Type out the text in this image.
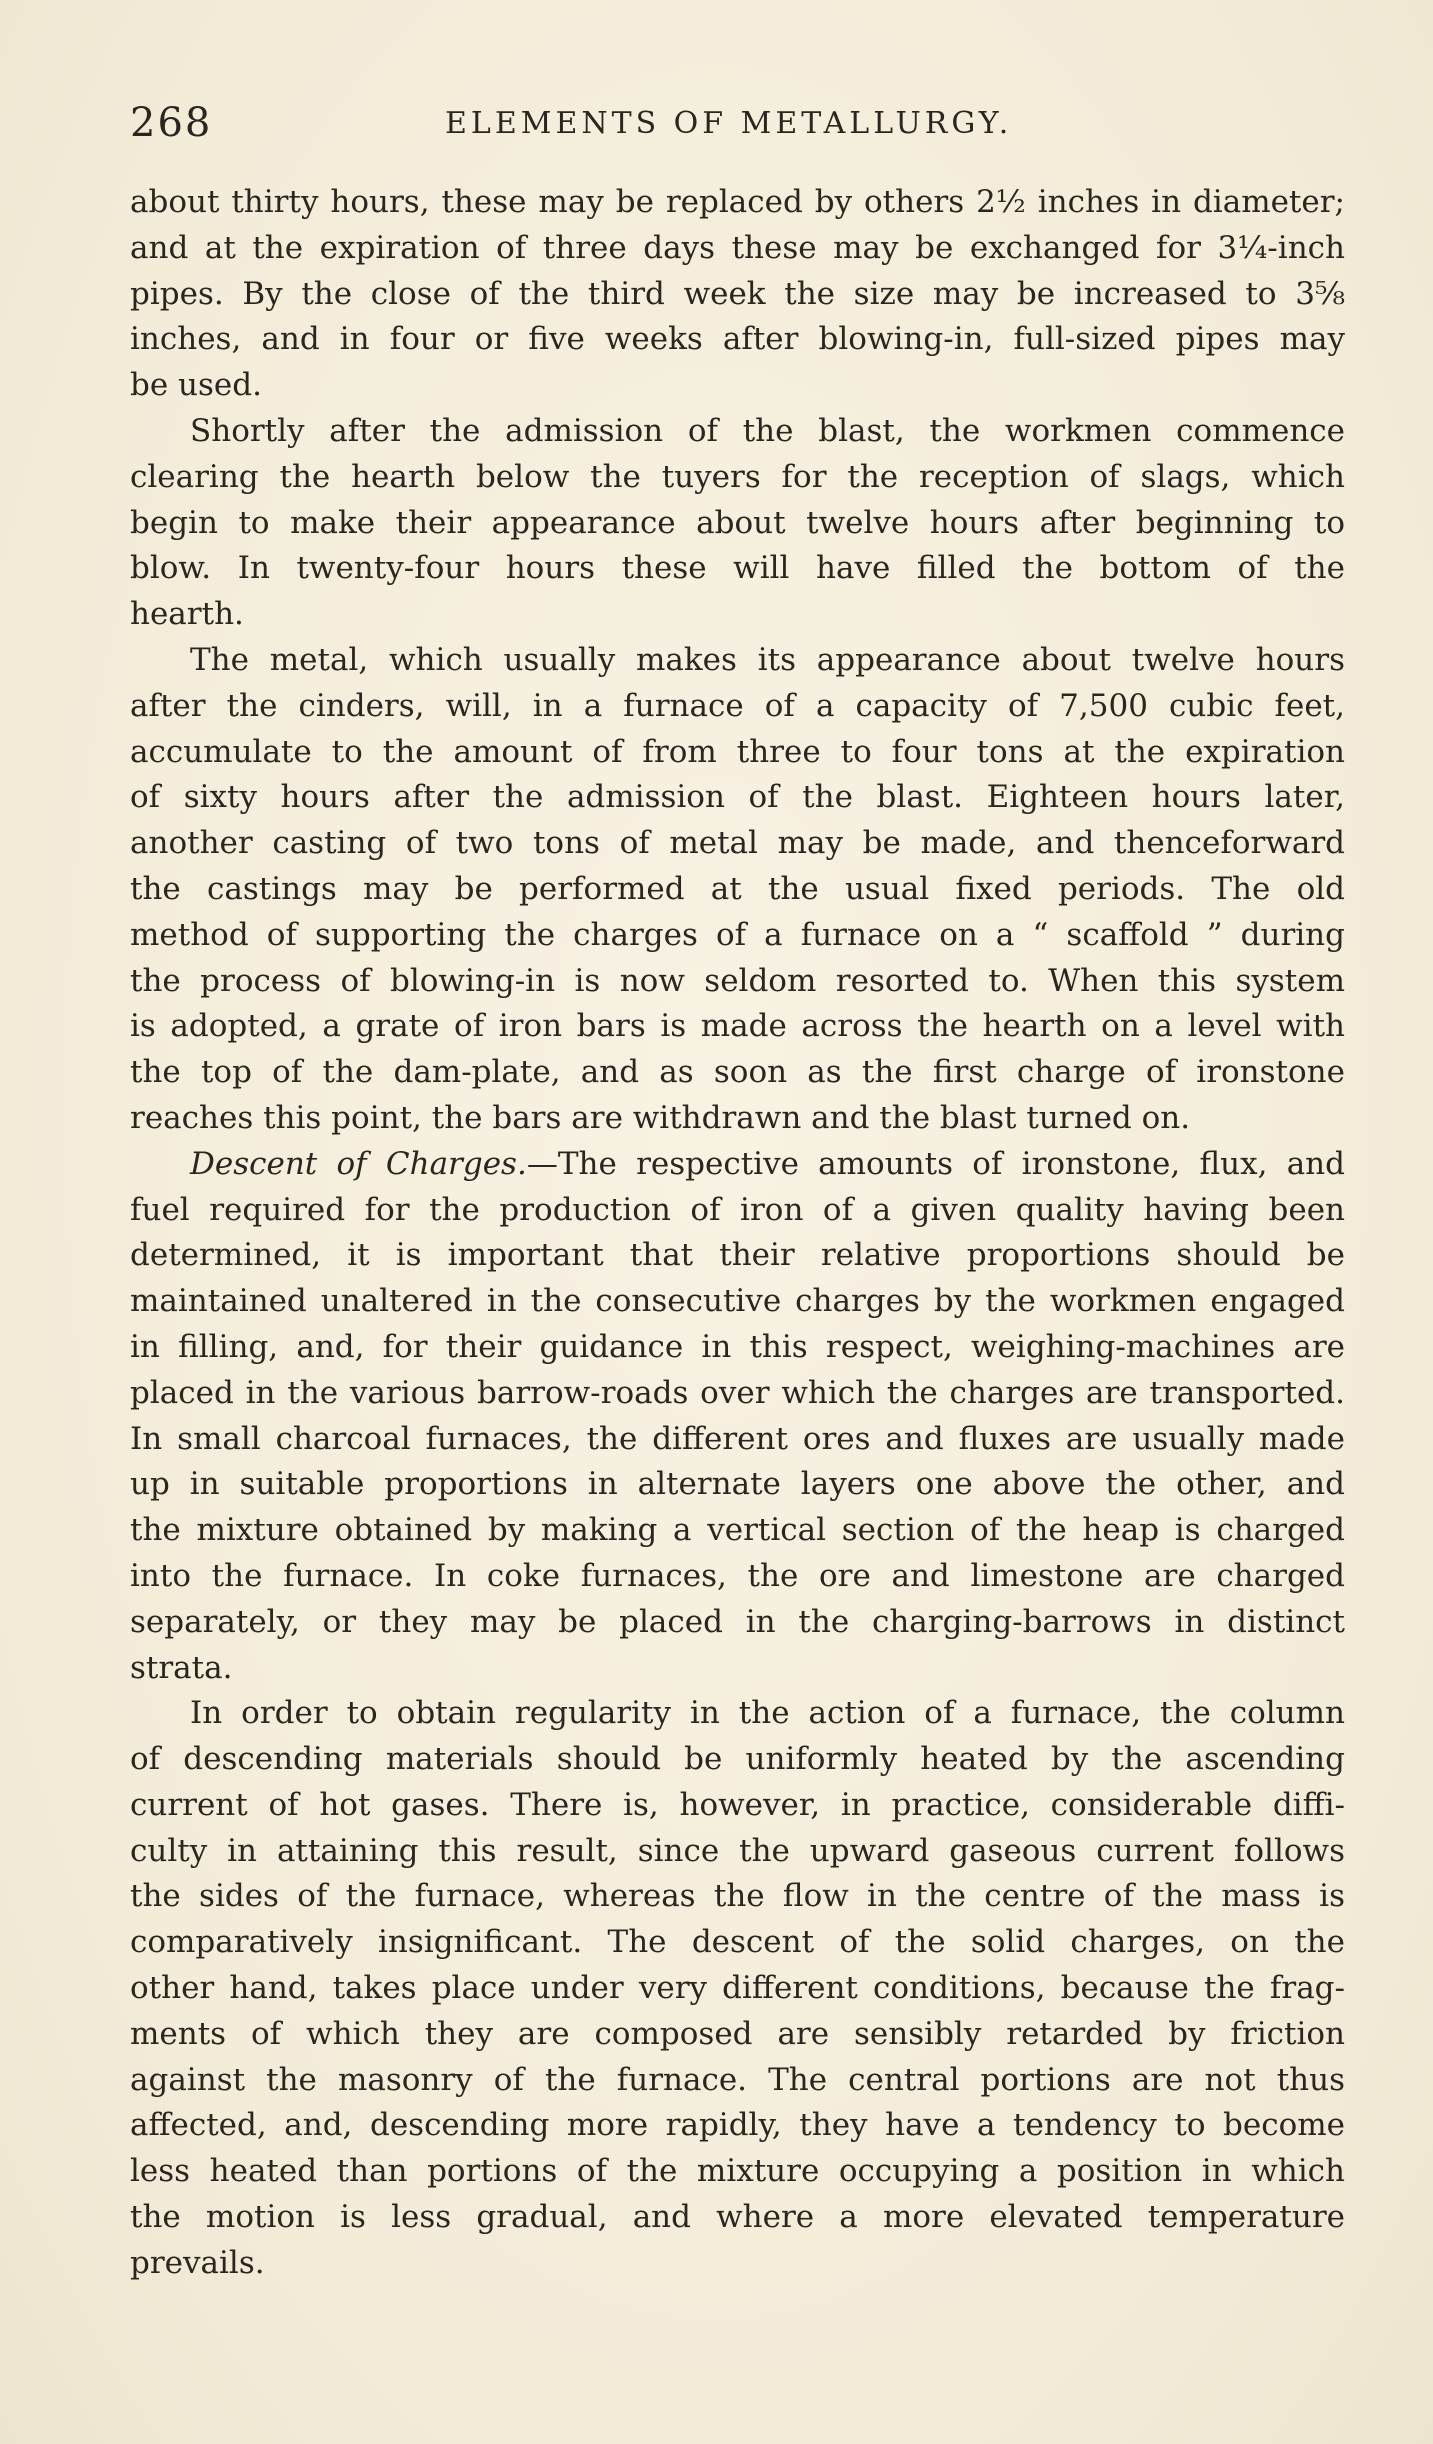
268	ELEMENTS OF METALLURGY.
about thirty hours, these may be replaced by others 2½ inches in diameter;
and at the expiration of three days these may be exchanged for 3¼-inch
pipes. By the close of the third week the size may be increased to 3⅝
inches, and in four or five weeks after blowing-in, full-sized pipes may
be used.
Shortly after the admission of the blast, the workmen commence
clearing the hearth below the tuyers for the reception of slags, which
begin to make their appearance about twelve hours after beginning to
blow. In twenty-four hours these will have filled the bottom of the
hearth.
The metal, which usually makes its appearance about twelve hours
after the cinders, will, in a furnace of a capacity of 7,500 cubic feet,
accumulate to the amount of from three to four tons at the expiration
of sixty hours after the admission of the blast. Eighteen hours later,
another casting of two tons of metal may be made, and thenceforward
the castings may be performed at the usual fixed periods. The old
method of supporting the charges of a furnace on a “ scaffold ” during
the process of blowing-in is now seldom resorted to. When this system
is adopted, a grate of iron bars is made across the hearth on a level with
the top of the dam-plate, and as soon as the first charge of ironstone
reaches this point, the bars are withdrawn and the blast turned on.
Descent of Charges.—The respective amounts of ironstone, flux, and
fuel required for the production of iron of a given quality having been
determined, it is important that their relative proportions should be
maintained unaltered in the consecutive charges by the workmen engaged
in filling, and, for their guidance in this respect, weighing-machines are
placed in the various barrow-roads over which the charges are transported.
In small charcoal furnaces, the different ores and fluxes are usually made
up in suitable proportions in alternate layers one above the other, and
the mixture obtained by making a vertical section of the heap is charged
into the furnace. In coke furnaces, the ore and limestone are charged
separately, or they may be placed in the charging-barrows in distinct
strata.
In order to obtain regularity in the action of a furnace, the column
of descending materials should be uniformly heated by the ascending
current of hot gases. There is, however, in practice, considerable diffi-
culty in attaining this result, since the upward gaseous current follows
the sides of the furnace, whereas the flow in the centre of the mass is
comparatively insignificant. The descent of the solid charges, on the
other hand, takes place under very different conditions, because the frag-
ments of which they are composed are sensibly retarded by friction
against the masonry of the furnace. The central portions are not thus
affected, and, descending more rapidly, they have a tendency to become
less heated than portions of the mixture occupying a position in which
the motion is less gradual, and where a more elevated temperature
prevails.
